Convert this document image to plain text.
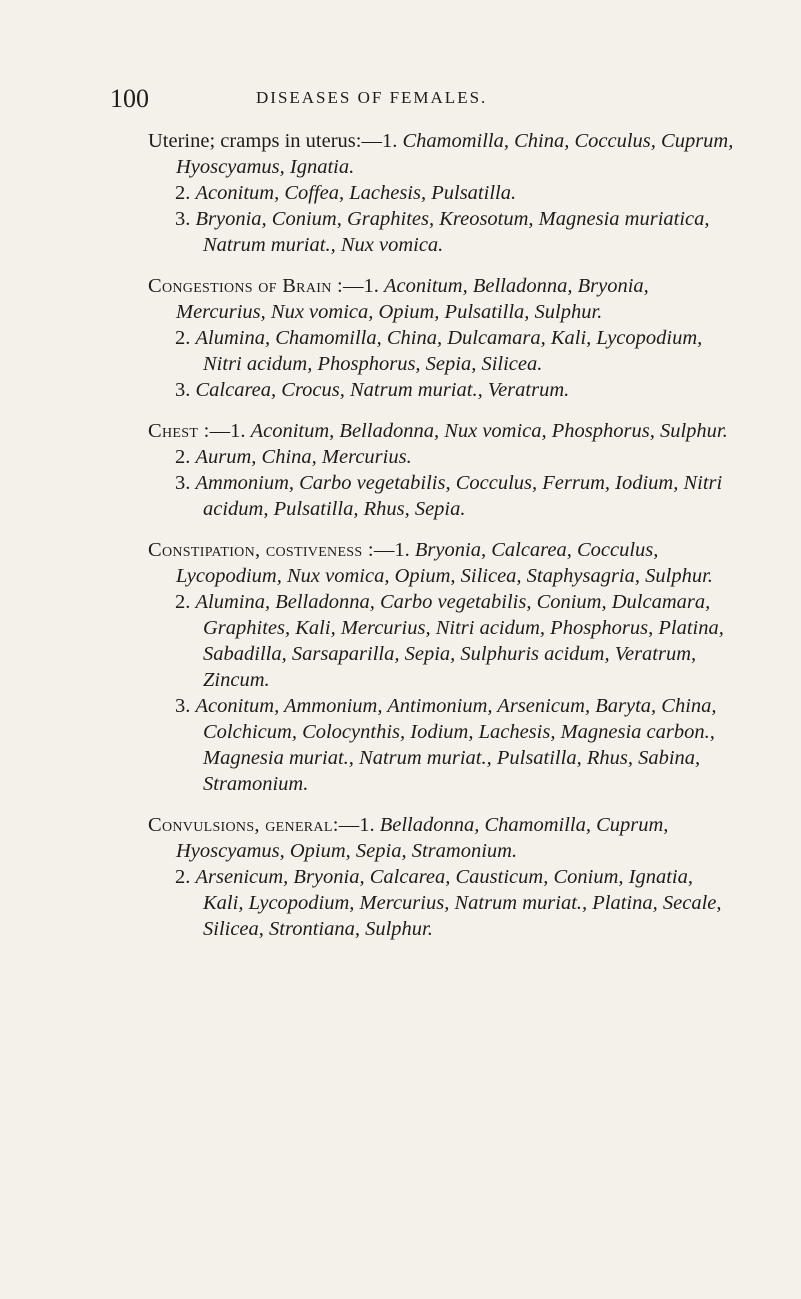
100	DISEASES OF FEMALES.
Uterine; cramps in uterus:—1. Chamomilla, China, Cocculus, Cuprum, Hyoscyamus, Ignatia.
2. Aconitum, Coffea, Lachesis, Pulsatilla.
3. Bryonia, Conium, Graphites, Kreosotum, Magnesia muriatica, Natrum muriat., Nux vomica.
Congestions of Brain :—1. Aconitum, Belladonna, Bryonia, Mercurius, Nux vomica, Opium, Pulsatilla, Sulphur.
2. Alumina, Chamomilla, China, Dulcamara, Kali, Lycopodium, Nitri acidum, Phosphorus, Sepia, Silicea.
3. Calcarea, Crocus, Natrum muriat., Veratrum.
Chest :—1. Aconitum, Belladonna, Nux vomica, Phosphorus, Sulphur.
2. Aurum, China, Mercurius.
3. Ammonium, Carbo vegetabilis, Cocculus, Ferrum, Iodium, Nitri acidum, Pulsatilla, Rhus, Sepia.
Constipation, costiveness :—1. Bryonia, Calcarea, Cocculus, Lycopodium, Nux vomica, Opium, Silicea, Staphysagria, Sulphur.
2. Alumina, Belladonna, Carbo vegetabilis, Conium, Dulcamara, Graphites, Kali, Mercurius, Nitri acidum, Phosphorus, Platina, Sabadilla, Sarsaparilla, Sepia, Sulphuris acidum, Veratrum, Zincum.
3. Aconitum, Ammonium, Antimonium, Arsenicum, Baryta, China, Colchicum, Colocynthis, Iodium, Lachesis, Magnesia carbon., Magnesia muriat., Natrum muriat., Pulsatilla, Rhus, Sabina, Stramonium.
Convulsions, general:—1. Belladonna, Chamomilla, Cuprum, Hyoscyamus, Opium, Sepia, Stramonium.
2. Arsenicum, Bryonia, Calcarea, Causticum, Conium, Ignatia, Kali, Lycopodium, Mercurius, Natrum muriat., Platina, Secale, Silicea, Strontiana, Sulphur.
